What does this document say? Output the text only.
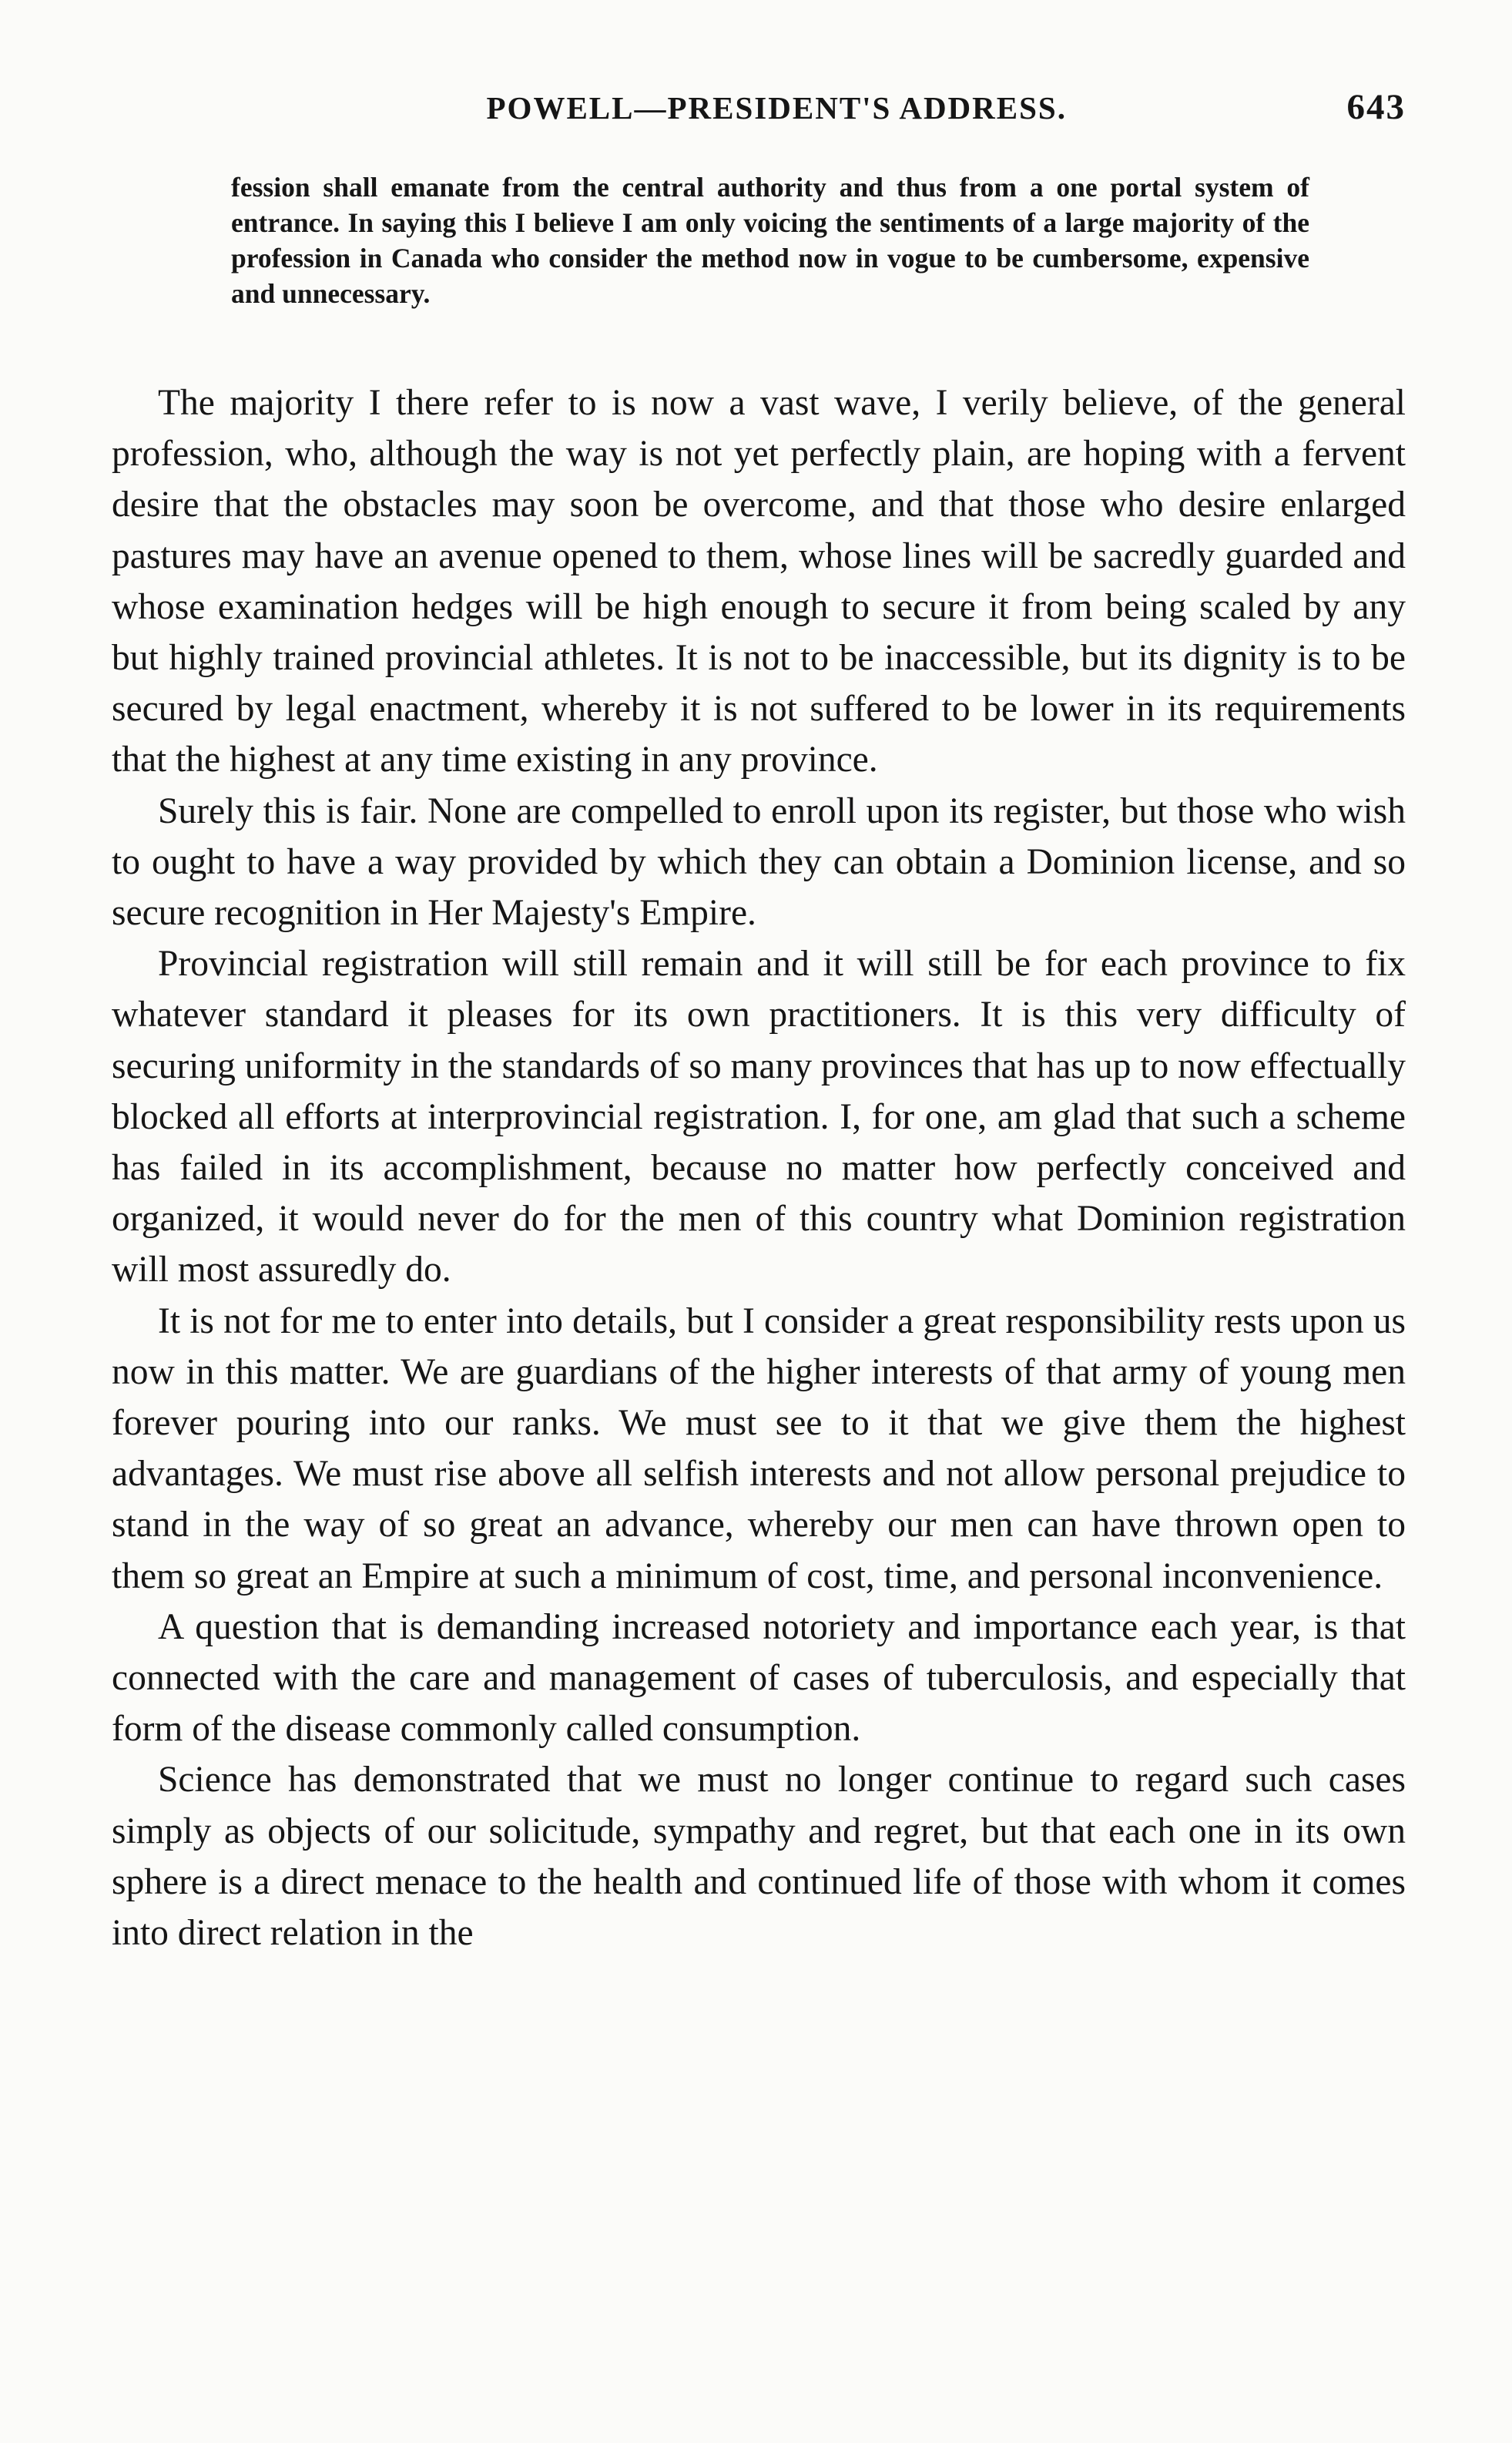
POWELL—PRESIDENT'S ADDRESS.	643

fession shall emanate from the central authority and thus from a one portal system of entrance. In saying this I believe I am only voicing the sentiments of a large majority of the profession in Canada who consider the method now in vogue to be cumbersome, expensive and unnecessary.

The majority I there refer to is now a vast wave, I verily believe, of the general profession, who, although the way is not yet perfectly plain, are hoping with a fervent desire that the obstacles may soon be overcome, and that those who desire enlarged pastures may have an avenue opened to them, whose lines will be sacredly guarded and whose examination hedges will be high enough to secure it from being scaled by any but highly trained provincial athletes. It is not to be inaccessible, but its dignity is to be secured by legal enactment, whereby it is not suffered to be lower in its requirements that the highest at any time existing in any province.

Surely this is fair. None are compelled to enroll upon its register, but those who wish to ought to have a way provided by which they can obtain a Dominion license, and so secure recognition in Her Majesty's Empire.

Provincial registration will still remain and it will still be for each province to fix whatever standard it pleases for its own practitioners. It is this very difficulty of securing uniformity in the standards of so many provinces that has up to now effectually blocked all efforts at interprovincial registration. I, for one, am glad that such a scheme has failed in its accomplishment, because no matter how perfectly conceived and organized, it would never do for the men of this country what Dominion registration will most assuredly do.

It is not for me to enter into details, but I consider a great responsibility rests upon us now in this matter. We are guardians of the higher interests of that army of young men forever pouring into our ranks. We must see to it that we give them the highest advantages. We must rise above all selfish interests and not allow personal prejudice to stand in the way of so great an advance, whereby our men can have thrown open to them so great an Empire at such a minimum of cost, time, and personal inconvenience.

A question that is demanding increased notoriety and importance each year, is that connected with the care and management of cases of tuberculosis, and especially that form of the disease commonly called consumption.

Science has demonstrated that we must no longer continue to regard such cases simply as objects of our solicitude, sympathy and regret, but that each one in its own sphere is a direct menace to the health and continued life of those with whom it comes into direct relation in the
